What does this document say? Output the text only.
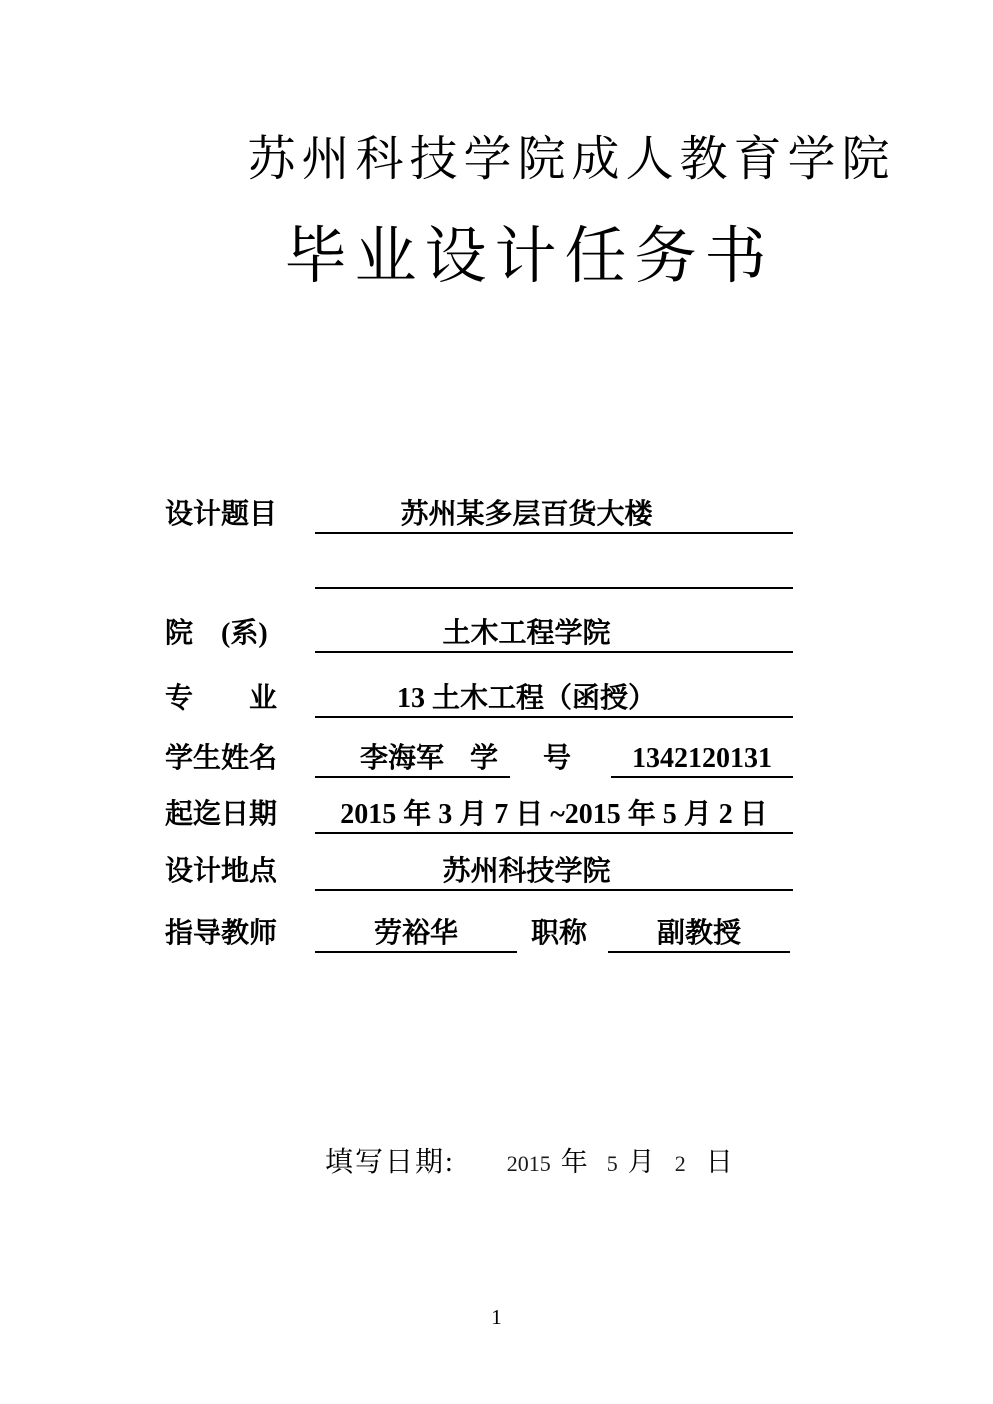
苏州科技学院成人教育学院
毕业设计任务书
设计题目	苏州某多层百货大楼
院　(系)	土木工程学院
专　　业	13 土木工程（函授）
学生姓名	李海军 学 号	1342120131
起迄日期	2015 年 3 月 7 日 ~2015 年 5 月 2 日
设计地点	苏州科技学院
指导教师	劳裕华	职称	副教授
填写日期: 2015 年 5 月 2 日
1
